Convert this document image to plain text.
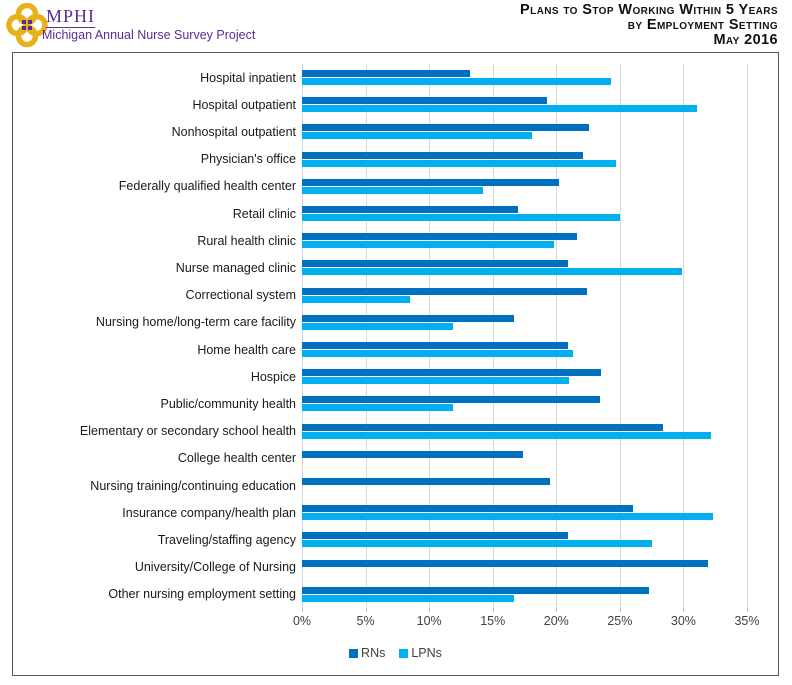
MPHI
Michigan Annual Nurse Survey Project
Plans to Stop Working Within 5 Years
by Employment Setting
May 2016
Hospital inpatient
Hospital outpatient
Nonhospital outpatient
Physician's office
Federally qualified health center
Retail clinic
Rural health clinic
Nurse managed clinic
Correctional system
Nursing home/long-term care facility
Home health care
Hospice
Public/community health
Elementary or secondary school health
College health center
Nursing training/continuing education
Insurance company/health plan
Traveling/staffing agency
University/College of Nursing
Other nursing employment setting
0%	5%	10%	15%	20%	25%	30%	35%
RNs LPNs
